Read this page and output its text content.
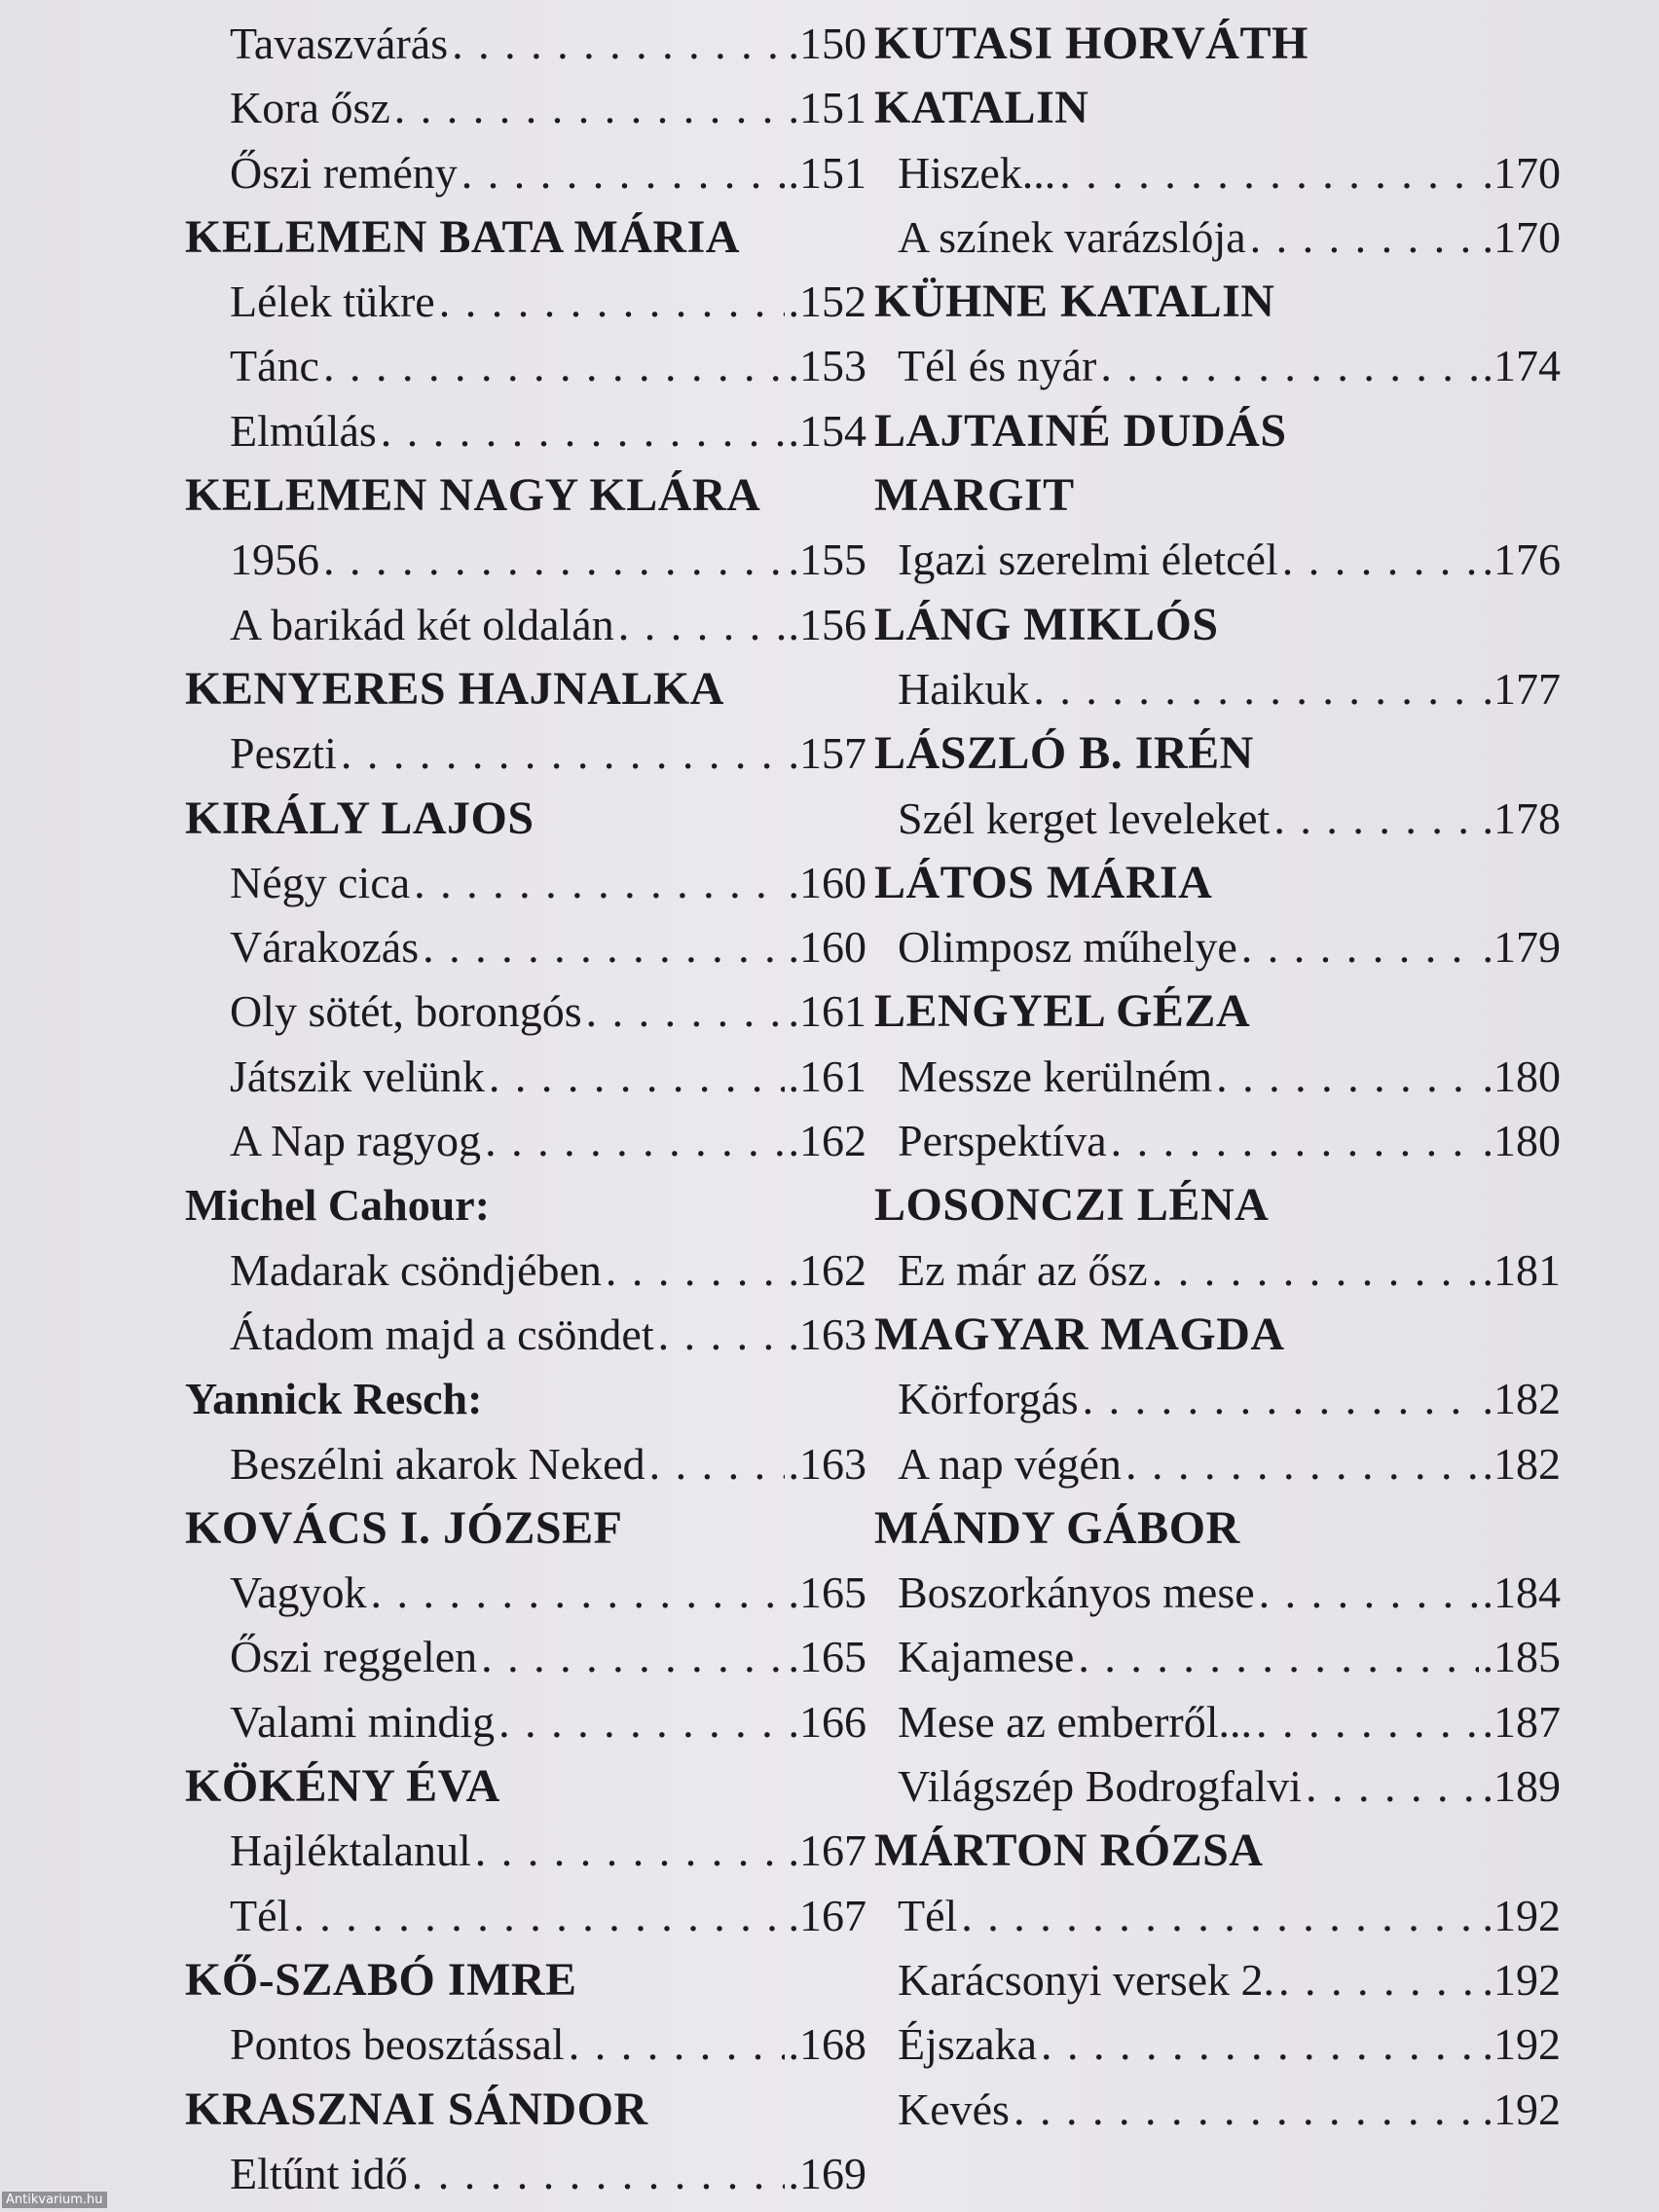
Tavaszvárás . . .	.150
Kora ősz . . .	.151
Őszi remény . . .	.151
KELEMEN BATA MÁRIA
Lélek tükre . . .	.152
Tánc . . .	.153
Elmúlás . . .	.154
KELEMEN NAGY KLÁRA
1956 . . .	.155
A barikád két oldalán . . .	.156
KENYERES HAJNALKA
Peszti . . .	.157
KIRÁLY LAJOS
Négy cica . . .	.160
Várakozás . . .	.160
Oly sötét, borongós . . .	.161
Játszik velünk . . .	.161
A Nap ragyog . . .	.162
Michel Cahour:
Madarak csöndjében . . .	.162
Átadom majd a csöndet . . .	.163
Yannick Resch:
Beszélni akarok Neked . . .	.163
KOVÁCS I. JÓZSEF
Vagyok . . .	.165
Őszi reggelen . . .	.165
Valami mindig . . .	.166
KÖKÉNY ÉVA
Hajléktalanul . . .	.167
Tél . . .	.167
KŐ-SZABÓ IMRE
Pontos beosztással . . .	.168
KRASZNAI SÁNDOR
Eltűnt idő . . .	.169
KUTASI HORVÁTH
KATALIN
Hiszek... . . .	.170
A színek varázslója . . .	.170
KÜHNE KATALIN
Tél és nyár . . .	.174
LAJTAINÉ DUDÁS
MARGIT
Igazi szerelmi életcél . . .	.176
LÁNG MIKLÓS
Haikuk . . .	.177
LÁSZLÓ B. IRÉN
Szél kerget leveleket . . .	.178
LÁTOS MÁRIA
Olimposz műhelye . . .	.179
LENGYEL GÉZA
Messze kerülném . . .	.180
Perspektíva . . .	.180
LOSONCZI LÉNA
Ez már az ősz . . .	.181
MAGYAR MAGDA
Körforgás . . .	.182
A nap végén . . .	.182
MÁNDY GÁBOR
Boszorkányos mese . . .	.184
Kajamese . . .	.185
Mese az emberről... . . .	.187
Világszép Bodrogfalvi . . .	.189
MÁRTON RÓZSA
Tél . . .	.192
Karácsonyi versek 2. . . .	.192
Éjszaka . . .	.192
Kevés . . .	.192
Antikvarium.hu
